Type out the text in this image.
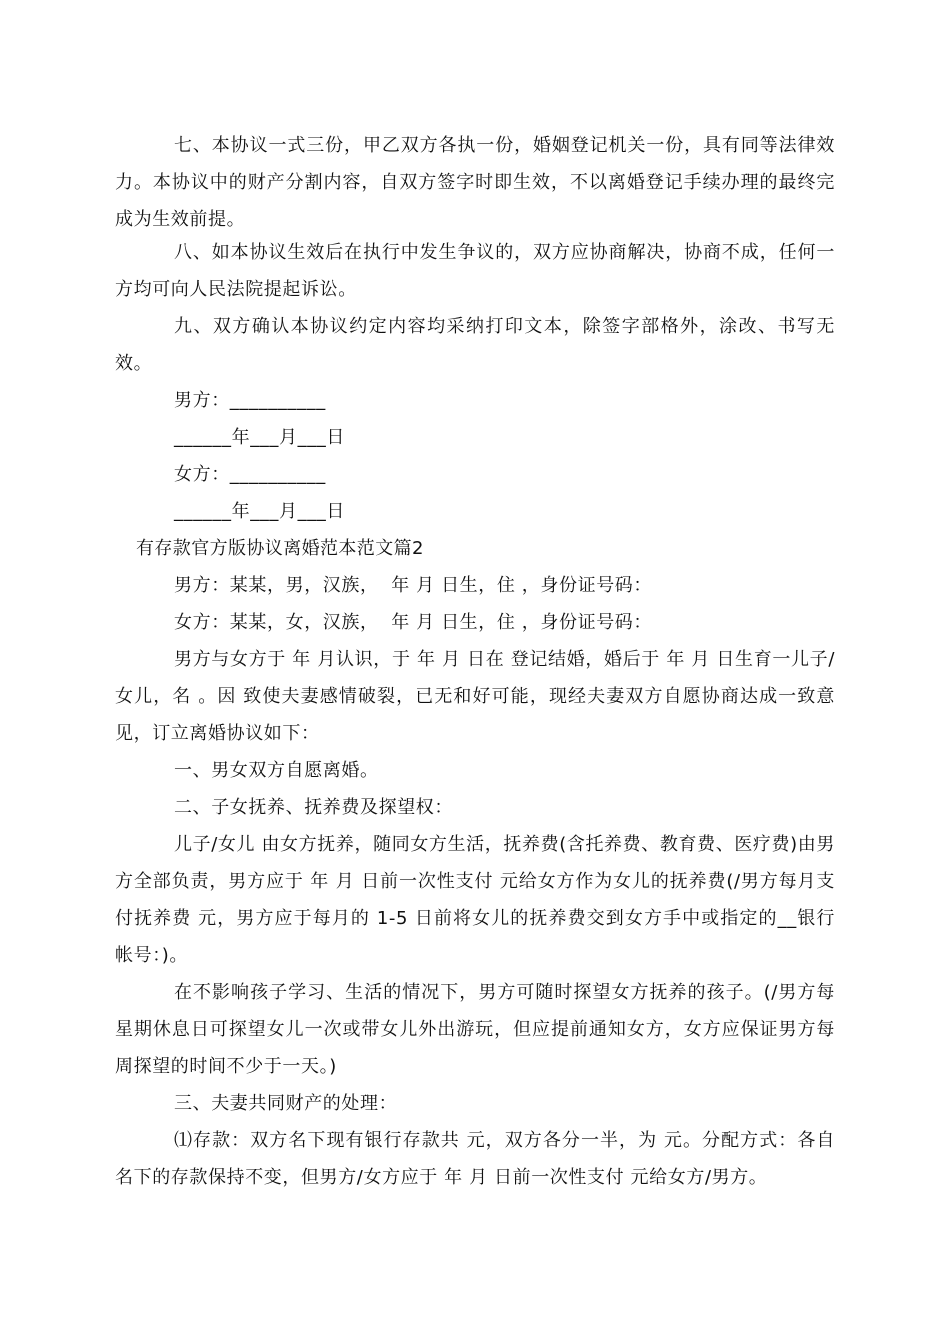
七、本协议一式三份，甲乙双方各执一份，婚姻登记机关一份，具有同等法律效力。本协议中的财产分割内容，自双方签字时即生效，不以离婚登记手续办理的最终完成为生效前提。

八、如本协议生效后在执行中发生争议的，双方应协商解决，协商不成，任何一方均可向人民法院提起诉讼。

九、双方确认本协议约定内容均采纳打印文本，除签字部格外，涂改、书写无效。

男方：__________

______年___月___日

女方：__________

______年___月___日

有存款官方版协议离婚范本范文篇2

男方：某某，男，汉族，  年 月 日生，住 ，身份证号码：

女方：某某，女，汉族，  年 月 日生，住 ，身份证号码：

男方与女方于 年 月认识，于 年 月 日在 登记结婚，婚后于 年 月 日生育一儿子/女儿，名 。因 致使夫妻感情破裂，已无和好可能，现经夫妻双方自愿协商达成一致意见，订立离婚协议如下：

一、男女双方自愿离婚。

二、子女抚养、抚养费及探望权：

儿子/女儿 由女方抚养，随同女方生活，抚养费(含托养费、教育费、医疗费)由男方全部负责，男方应于 年 月 日前一次性支付 元给女方作为女儿的抚养费(/男方每月支付抚养费 元，男方应于每月的 1-5 日前将女儿的抚养费交到女方手中或指定的__银行帐号：)。

在不影响孩子学习、生活的情况下，男方可随时探望女方抚养的孩子。(/男方每星期休息日可探望女儿一次或带女儿外出游玩，但应提前通知女方，女方应保证男方每周探望的时间不少于一天。)

三、夫妻共同财产的处理：

⑴存款：双方名下现有银行存款共 元，双方各分一半，为 元。分配方式：各自名下的存款保持不变，但男方/女方应于 年 月 日前一次性支付 元给女方/男方。
